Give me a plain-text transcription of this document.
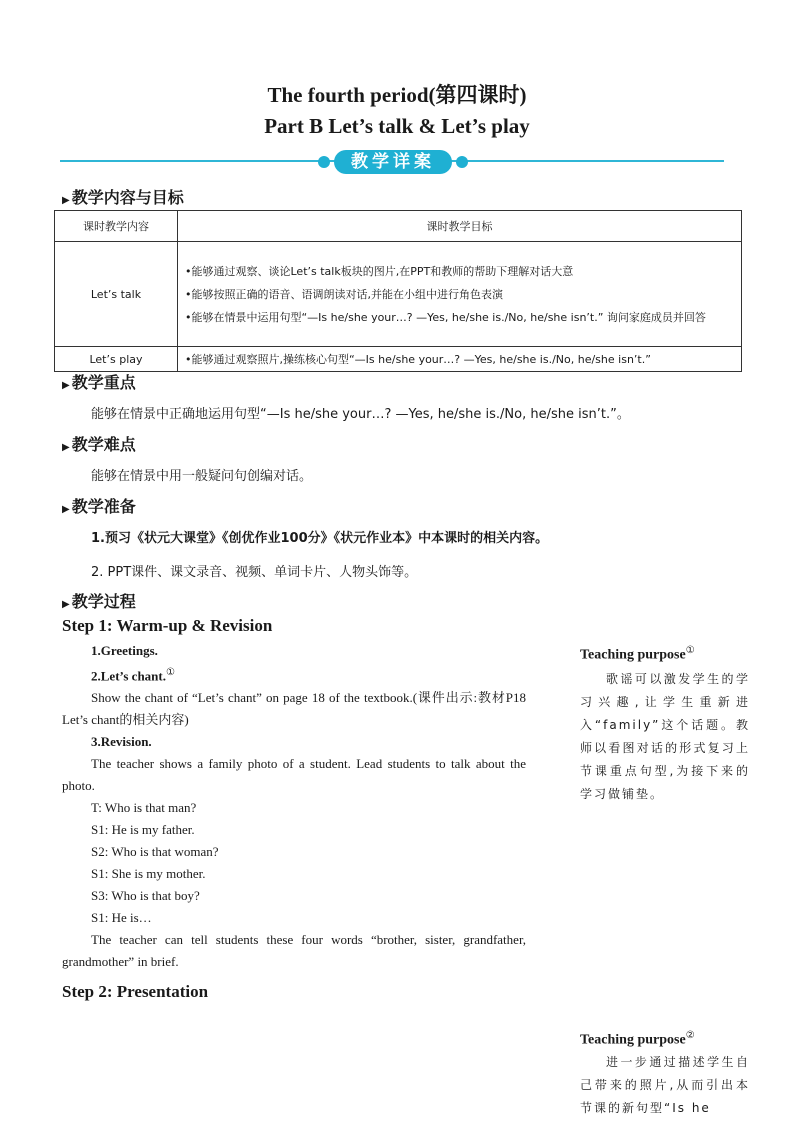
The fourth period(第四课时)
Part B Let’s talk & Let’s play
教学详案
▶ 教学内容与目标
课时教学内容	课时教学目标
Let’s talk	•能够通过观察、谈论Let’s talk板块的图片,在PPT和教师的帮助下理解对话大意
•能够按照正确的语音、语调朗读对话,并能在小组中进行角色表演
•能够在情景中运用句型“—Is he/she your…? —Yes, he/she is./No, he/she isn’t.” 询问家庭成员并回答

Let’s play	•能够通过观察照片,操练核心句型“—Is he/she your…? —Yes, he/she is./No, he/she isn’t.”
▶ 教学重点
能够在情景中正确地运用句型“—Is he/she your…? —Yes, he/she is./No, he/she isn’t.”。
▶ 教学难点
能够在情景中用一般疑问句创编对话。
▶ 教学准备
1.预习《状元大课堂》《创优作业100分》《状元作业本》中本课时的相关内容。
2. PPT课件、课文录音、视频、单词卡片、人物头饰等。
▶ 教学过程
Step 1: Warm-up & Revision
1.Greetings.
2.Let’s chant.①
Show the chant of “Let’s chant” on page 18 of the textbook.(课件出示:教材P18 Let’s chant的相关内容)
3.Revision.
The teacher shows a family photo of a student. Lead students to talk about the photo.
T: Who is that man?
S1: He is my father.
S2: Who is that woman?
S1: She is my mother.
S3: Who is that boy?
S1: He is…
The teacher can tell students these four words “brother, sister, grandfather, grandmother” in brief.
Step 2: Presentation
Teaching purpose①
歌谣可以激发学生的学习兴趣,让学生重新进入“family”这个话题。教师以看图对话的形式复习上节课重点句型,为接下来的学习做铺垫。
Teaching purpose②
进一步通过描述学生自己带来的照片,从而引出本节课的新句型“Is he
